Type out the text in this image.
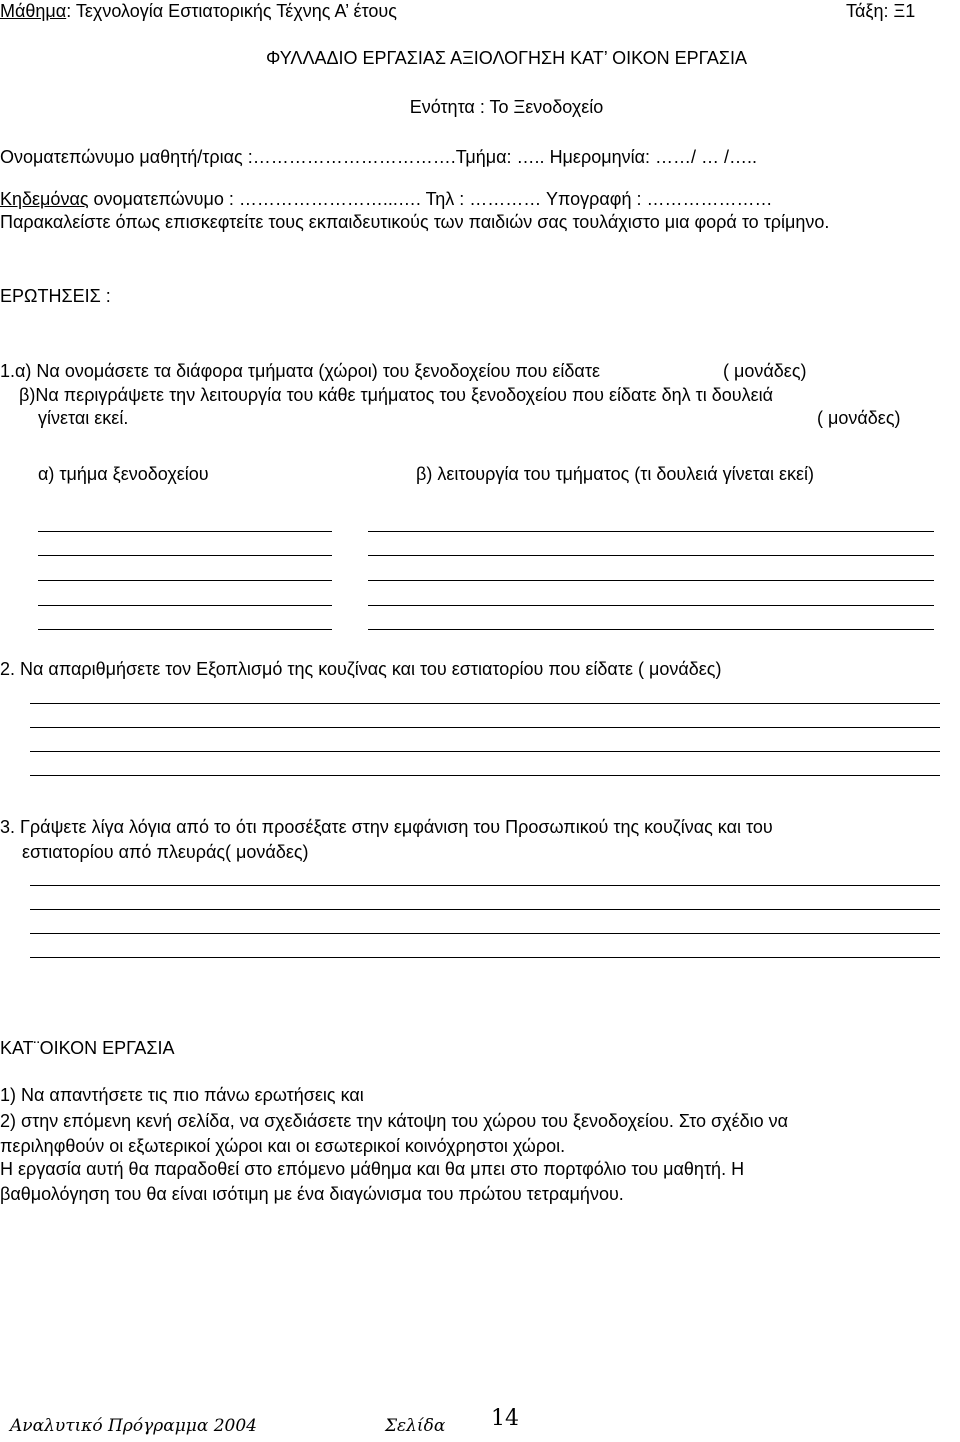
Μάθημα: Τεχνολογία Εστιατορικής Τέχνης Α’ έτους	Τάξη: Ξ1
ΦΥΛΛΑΔΙΟ ΕΡΓΑΣΙΑΣ ΑΞΙΟΛΟΓΗΣΗ ΚΑΤ’ ΟΙΚΟΝ ΕΡΓΑΣΙΑ
Ενότητα : Το Ξενοδοχείο
Ονοματεπώνυμο μαθητή/τριας :…………………………….Τμήμα: ….. Ημερομηνία: ……/ … /…..
Κηδεμόνας ονοματεπώνυμο : ……………………...…. Τηλ : ………… Υπογραφή : …………………
Παρακαλείστε όπως επισκεφτείτε τους εκπαιδευτικούς των παιδιών σας τουλάχιστο μια φορά το τρίμηνο.
ΕΡΩΤΗΣΕΙΣ :
1.α) Να ονομάσετε τα διάφορα τμήματα (χώροι) του ξενοδοχείου που είδατε	( μονάδες)
β)Να περιγράψετε την λειτουργία του κάθε τμήματος του ξενοδοχείου που είδατε δηλ τι δουλειά
γίνεται εκεί.	( μονάδες)
α) τμήμα ξενοδοχείου	β) λειτουργία του τμήματος (τι δουλειά γίνεται εκεί)
2. Να απαριθμήσετε τον Εξοπλισμό της κουζίνας και του εστιατορίου που είδατε ( μονάδες)
3. Γράψετε λίγα λόγια από το ότι προσέξατε στην εμφάνιση του Προσωπικού της κουζίνας και του
εστιατορίου από πλευράς( μονάδες)
ΚΑΤ¨ΟΙΚΟΝ ΕΡΓΑΣΙΑ
1) Να απαντήσετε τις πιο πάνω ερωτήσεις και
2) στην επόμενη κενή σελίδα, να σχεδιάσετε την κάτοψη του χώρου του ξενοδοχείου. Στο σχέδιο να
περιληφθούν οι εξωτερικοί χώροι και οι εσωτερικοί κοινόχρηστοι χώροι.
Η εργασία αυτή θα παραδοθεί στο επόμενο μάθημα και θα μπει στο πορτφόλιο του μαθητή. Η
βαθμολόγηση του θα είναι ισότιμη με ένα διαγώνισμα του πρώτου τετραμήνου.
Αναλυτικό Πρόγραμμα 2004	Σελίδα 14
